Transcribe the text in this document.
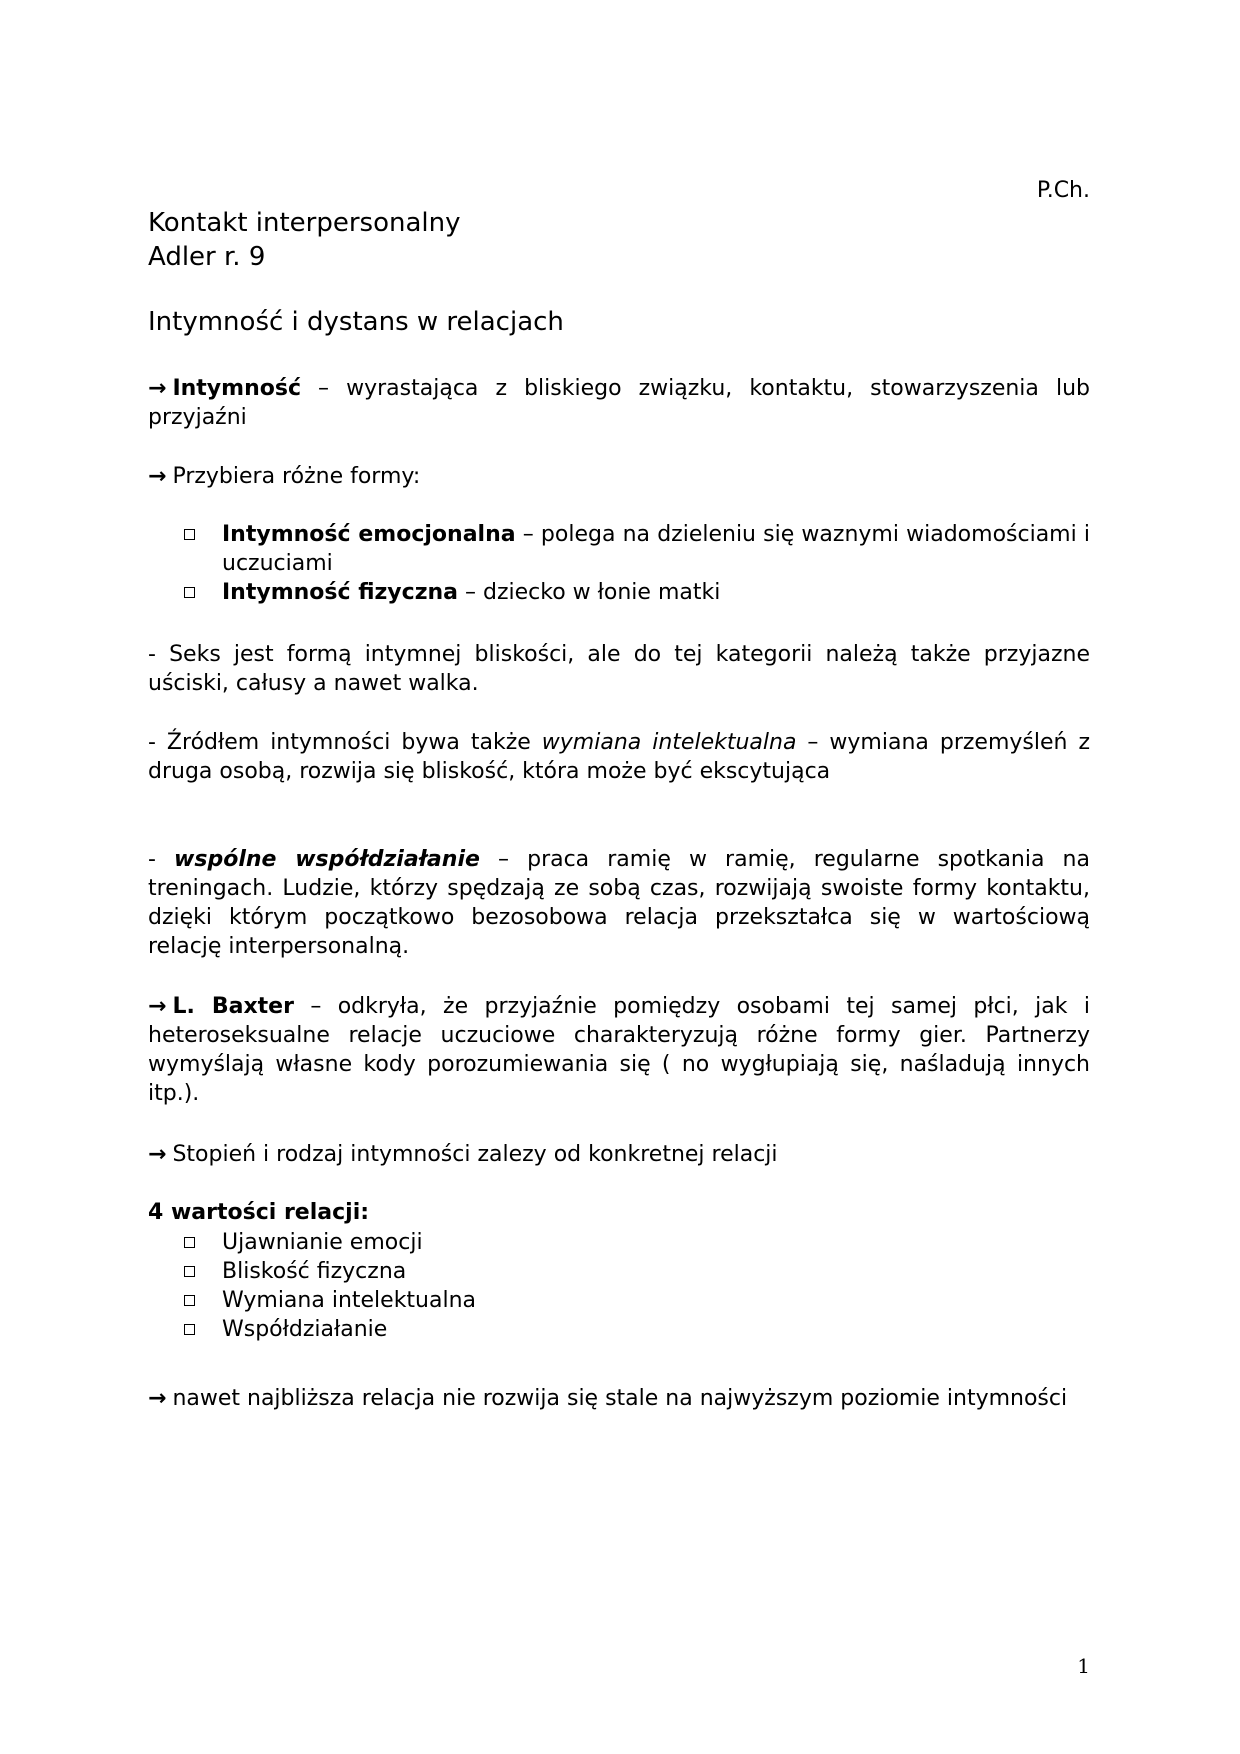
P.Ch.
Kontakt interpersonalny
Adler r. 9
Intymność i dystans w relacjach
→ Intymność – wyrastająca z bliskiego związku, kontaktu, stowarzyszenia lub przyjaźni
→ Przybiera różne formy:
Intymność emocjonalna – polega na dzieleniu się waznymi wiadomościami i uczuciami
Intymność fizyczna – dziecko w łonie matki
- Seks jest formą intymnej bliskości, ale do tej kategorii należą także przyjazne uściski, całusy a nawet walka.
- Źródłem intymności bywa także wymiana intelektualna – wymiana przemyśleń z druga osobą, rozwija się bliskość, która może być ekscytująca
- wspólne współdziałanie – praca ramię w ramię, regularne spotkania na treningach. Ludzie, którzy spędzają ze sobą czas, rozwijają swoiste formy kontaktu, dzięki którym początkowo bezosobowa relacja przekształca się w wartościową relację interpersonalną.
→ L. Baxter – odkryła, że przyjaźnie pomiędzy osobami tej samej płci, jak i heteroseksualne relacje uczuciowe charakteryzują różne formy gier. Partnerzy wymyślają własne kody porozumiewania się ( no wygłupiają się, naśladują innych itp.).
→ Stopień i rodzaj intymności zalezy od konkretnej relacji
4 wartości relacji:
Ujawnianie emocji
Bliskość fizyczna
Wymiana intelektualna
Współdziałanie
→ nawet najbliższa relacja nie rozwija się stale na najwyższym poziomie intymności
1
